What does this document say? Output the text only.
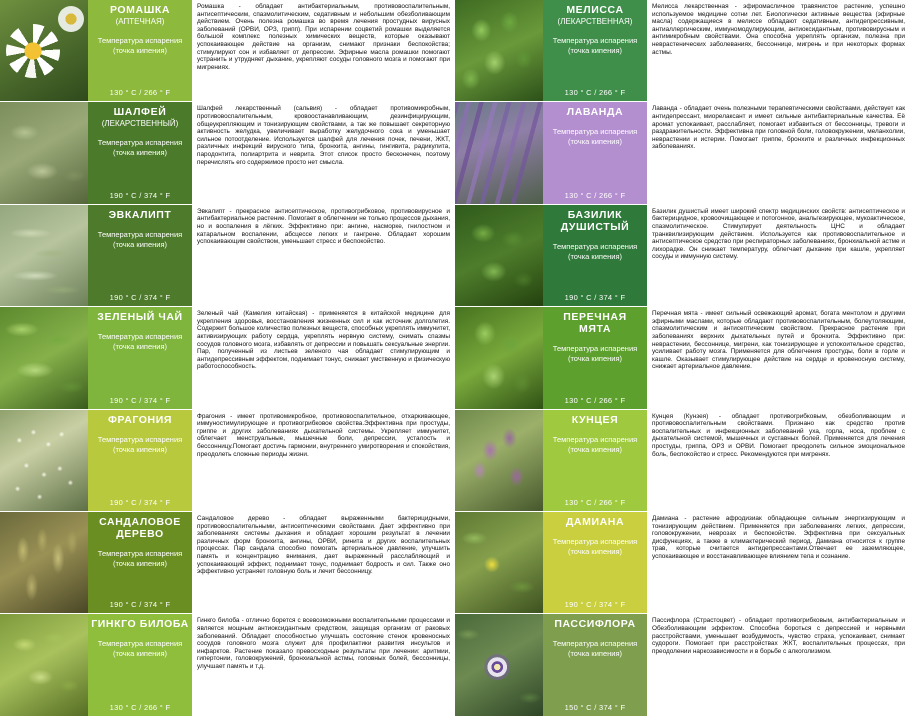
РОМАШКА
(АПТЕЧНАЯ)
Температура испарения
(точка кипения)
130 ° C / 266 ° F

Ромашка - обладает антибактериальным, противовоспалительным, антисептическим, спазмолитическим, седативным и небольшим обезболивающим действием. Очень полезна ромашка во время лечения простудных вирусных заболеваний (ОРВИ, ОРЗ, грипп). При испарении соцветий ромашки выделяется большой комплекс полезных химических веществ, которые оказывают успокаивающее действие на организм, снимают признаки беспокойства; стимулируют сон и избавляет от депрессии. Эфирные масла ромашки помогают устранить и утрудняет дыхание, укрепляют сосуды головного мозга и помогают при мигрениях.

МЕЛИССА
(ЛЕКАРСТВЕННАЯ)
Температура испарения
(точка кипения)
130 ° C / 266 ° F

Мелисса лекарственная - эфиромасличное травянистое растение, успешно используемое медицине сотни лет. Биологически активные вещества (эфирные масла) содержащиеся в мелиссе обладают седативным, антидепрессивным, антиаллергическим, иммуномодулирующим, антиоксидантным, противовирусным и антимикробным свойствами. Она способна укреплять организм, полезна при неврастенических заболеваниях, бессоннице, мигрень и при некоторых формах астмы.

ШАЛФЕЙ
(ЛЕКАРСТВЕННЫЙ)
Температура испарения
(точка кипения)
190 ° C / 374 ° F

Шалфей лекарственный (сальвия) - обладает противомикробным, противовоспалительным, кровоостанавливающим, дезинфицирующим, общеукрепляющим и тонизирующим свойствами, а так же повышает секреторную активность желудка, увеличивает выработку желудочного сока и уменьшает сильное потоотделение. Используется шалфей для лечения почек, печени, ЖКТ, различных инфекций вирусного типа, бронхита, ангины, гингивита, радикулита, пародонтита, полиартрита и неврита. Этот список просто бесконечен, поэтому перечислять его содержимое просто нет смысла.

ЛАВАНДА
Температура испарения
(точка кипения)
130 ° C / 266 ° F

Лаванда - обладает очень полезными терапевтическими свойствами, действует как антидепрессант, миорелаксант и имеет сильные антибактериальные качества. Её аромат успокаивает, расслабляет, помогает избавиться от бессонницы, тревоги и раздражительности. Эффективна при головной боли, головокружении, меланхолии, неврастении и истерии. Помогает гриппе, бронхите и различных инфекционных заболеваниях.

ЭВКАЛИПТ
Температура испарения
(точка кипения)
190 ° C / 374 ° F

Эвкалипт - прекрасное антисептическое, противогрибковое, противовирусное и антибактериальное растение. Помогает в облегчении не только процессов дыхания, но и воспаления в лёгких. Эффективно при: ангине, насморке, гнилостном и катаральном воспалении, абсцессе легких и гангрене. Обладает хорошим успокаивающим свойством, уменьшает стресс и беспокойство.

БАЗИЛИК ДУШИСТЫЙ
Температура испарения
(точка кипения)
190 ° C / 374 ° F

Базилик душистый имеет широкий спектр медицинских свойств: антисептическое и бактерицидное, кровоочищающее и потогонное, анальгезирующее, мукоактическое, спазмолитическое. Стимулирует деятельность ЦНС и обладает транквилизирующим действием. Используется как противовоспалительное и антисептическое средство при респираторных заболеваниях, бронхиальной астме и лихорадке. Он снижает температуру, облегчает дыхание при кашле, укрепляет сосуды и иммунную систему.

ЗЕЛЕНЫЙ ЧАЙ
Температура испарения
(точка кипения)
190 ° C / 374 ° F

Зеленый чай (Камелия китайская) - применяется в китайской медицине для укрепления здоровья, восстановления жизненных сил и как источник долголетия. Содержит большое количество полезных веществ, способных укреплять иммунитет, активизирующих работу сердца, укреплять нервную систему, снимать спазмы сосудов головного мозга, избавлять от депрессии и повышать сексуальные энергии. Пар, полученный из листьев зеленого чая обладает стимулирующим и антидепрессивным эффектом, поднимает тонус, снижает умственную и физическую работоспособность.

ПЕРЕЧНАЯ МЯТА
Температура испарения
(точка кипения)
130 ° C / 266 ° F

Перечная мята - имеет сильный освежающий аромат, богата ментолом и другими эфирными маслами, которые обладают противовоспалительным, болеутоляющим, спазмолитическим и антисептическим свойством. Прекрасное растение при заболеваниях верхних дыхательных путей и бронхита. Эффективно при: неврастении, бессоннице, мигрени, как тонизирующее и успокоительное средство, усиливает работу мозга. Применяется для облегчения простуды, боли в горле и кашле. Оказывает стимулирующее действие на сердце и кровеносную систему, снижает артериальное давление.

ФРАГОНИЯ
Температура испарения
(точка кипения)
190 ° C / 374 ° F

Фрагония - имеет противомикробное, противовоспалительное, отхаркивающее, иммуностимулирующее и противогрибковое свойства.Эффективна при простуды, гриппе и других заболеваниях дыхательной системы. Укрепляет иммунитет, облегчает менструальные, мышечные боли, депрессии, усталость и бессонницу.Помогает достичь гармонии, внутреннего умиротворения и спокойствия, преодолеть сложные периоды жизни.

КУНЦЕЯ
Температура испарения
(точка кипения)
130 ° C / 266 ° F

Кунцея (Кунзея) - обладает противогрибковым, обезболивающим и противовоспалительным свойствами. Признано как средство против воспалительных и инфекционных заболеваний уха, горла, носа, проблем с дыхательной системой, мышечных и суставных болей. Применяется для лечения простуды, гриппа, ОРЗ и ОРВИ. Помогает преодолеть сильное эмоциональное боль, беспокойство и стресс. Рекомендуются при мигренях.

САНДАЛОВОЕ ДЕРЕВО
Температура испарения
(точка кипения)
190 ° C / 374 ° F

Сандаловое дерево - обладает выраженными бактерицидными, противовоспалительными, антисептическими свойствами. Дает эффективно при заболеваниях системы дыхания и обладает хорошим результат в лечении различных форм бронхита, ангины, ОРВИ, ринита и других воспалительных процессах. Пар сандала способно помогать артериальное давление, улучшить память и концентрацию внимания, дает выраженный расслабляющий и успокаивающий эффект, поднимает тонус, поднимает бодрость и сил. Также оно эффективно устраняет головную боль и лечит бессонницу.

ДАМИАНА
Температура испарения
(точка кипения)
190 ° C / 374 ° F

Дамиана - растение афродизиак обладающее сильным энергизирующим и тонизирующим действием. Применяется при заболеваниях легких, депрессии, головокружении, неврозах и беспокойстве. Эффективна при сексуальных дисфункциях, а также в климактерический период. Дамиана относится к группе трав, которые считается антидепрессантами.Отвечает ее заземляющее, успокаивающее и восстанавливающее влиянием тела и сознание.

ГИНКГО БИЛОБА
Температура испарения
(точка кипения)
130 ° C / 266 ° F

Гинкго билоба - отлично борется с всевозможными воспалительными процессами и является мощным антиоксидантным средством, защищая организм от раковых заболеваний. Обладает способностью улучшать состояние стенок кровеносных сосудов головного мозга служит для профилактики развития инсультов и инфарктов. Растение показало превосходные результаты при лечении: аритмии, гипертонии, головокружений, бронхиальной астмы, головных болей, бессонницы, улучшает память и т.д.

ПАССИФЛОРА
Температура испарения
(точка кипения)
150 ° C / 374 ° F

Пассифлора (Страстоцвет) - обладает противогрибковым, антибактериальным и Обезболивающим эффектом. Способна бороться с депрессией и нервными расстройствами, уменьшает возбудимость, чувство страха, успокаивает, снимает судороги. Помогает при расстройствах ЖКТ, воспалительных процессах, при преодолении наркозависимости и в борьбе с алкоголизмом.
